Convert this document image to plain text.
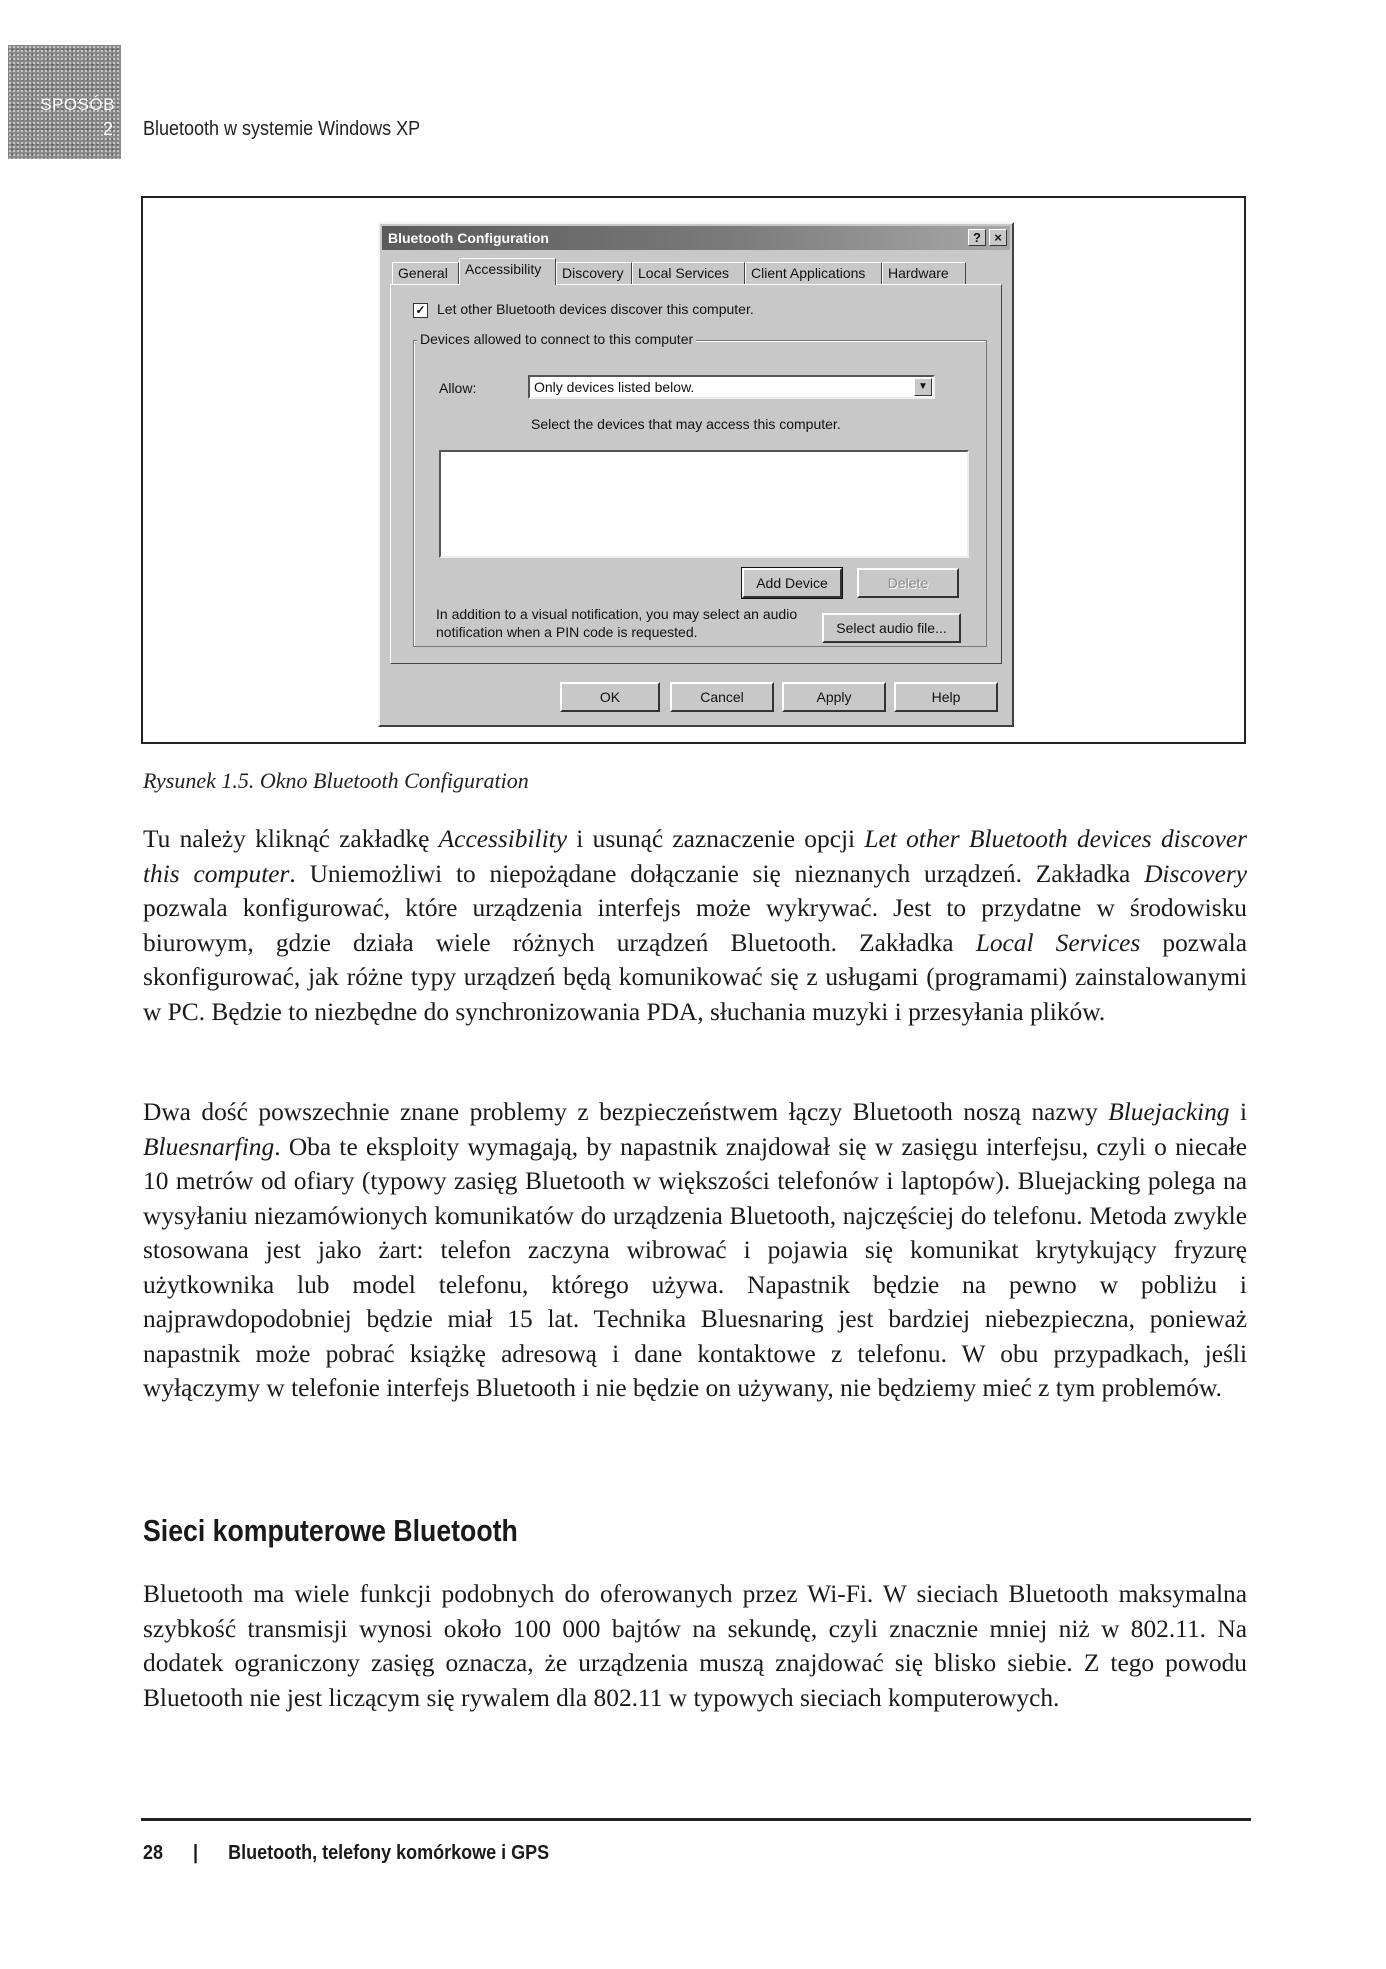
SPOSÓB
2 Bluetooth w systemie Windows XP
Bluetooth Configuration	?	×
General	Accessibility	Discovery	Local Services	Client Applications	Hardware
✓ Let other Bluetooth devices discover this computer.
Devices allowed to connect to this computer
Allow:	Only devices listed below.	▼
Select the devices that may access this computer.
Add Device	Delete
In addition to a visual notification, you may select an audio
notification when a PIN code is requested.	Select audio file...
OK	Cancel	Apply	Help
Rysunek 1.5. Okno Bluetooth Configuration

Tu należy kliknąć zakładkę Accessibility i usunąć zaznaczenie opcji Let other Bluetooth devices discover this computer. Uniemożliwi to niepożądane dołączanie się nieznanych urządzeń. Zakładka Discovery pozwala konfigurować, które urządzenia interfejs może wykrywać. Jest to przydatne w środowisku biurowym, gdzie działa wiele różnych urządzeń Bluetooth. Zakładka Local Services pozwala skonfigurować, jak różne typy urządzeń będą komunikować się z usługami (programami) zainstalowanymi w PC. Będzie to niezbędne do synchronizowania PDA, słuchania muzyki i przesyłania plików.

Dwa dość powszechnie znane problemy z bezpieczeństwem łączy Bluetooth noszą nazwy Bluejacking i Bluesnarfing. Oba te eksploity wymagają, by napastnik znajdował się w zasięgu interfejsu, czyli o niecałe 10 metrów od ofiary (typowy zasięg Bluetooth w większości telefonów i laptopów). Bluejacking polega na wysyłaniu niezamówionych komunikatów do urządzenia Bluetooth, najczęściej do telefonu. Metoda zwykle stosowana jest jako żart: telefon zaczyna wibrować i pojawia się komunikat krytykujący fryzurę użytkownika lub model telefonu, którego używa. Napastnik będzie na pewno w pobliżu i najprawdopodobniej będzie miał 15 lat. Technika Bluesnaring jest bardziej niebezpieczna, ponieważ napastnik może pobrać książkę adresową i dane kontaktowe z telefonu. W obu przypadkach, jeśli wyłączymy w telefonie interfejs Bluetooth i nie będzie on używany, nie będziemy mieć z tym problemów.

Sieci komputerowe Bluetooth

Bluetooth ma wiele funkcji podobnych do oferowanych przez Wi-Fi. W sieciach Bluetooth maksymalna szybkość transmisji wynosi około 100 000 bajtów na sekundę, czyli znacznie mniej niż w 802.11. Na dodatek ograniczony zasięg oznacza, że urządzenia muszą znajdować się blisko siebie. Z tego powodu Bluetooth nie jest liczącym się rywalem dla 802.11 w typowych sieciach komputerowych.

28 | Bluetooth, telefony komórkowe i GPS
